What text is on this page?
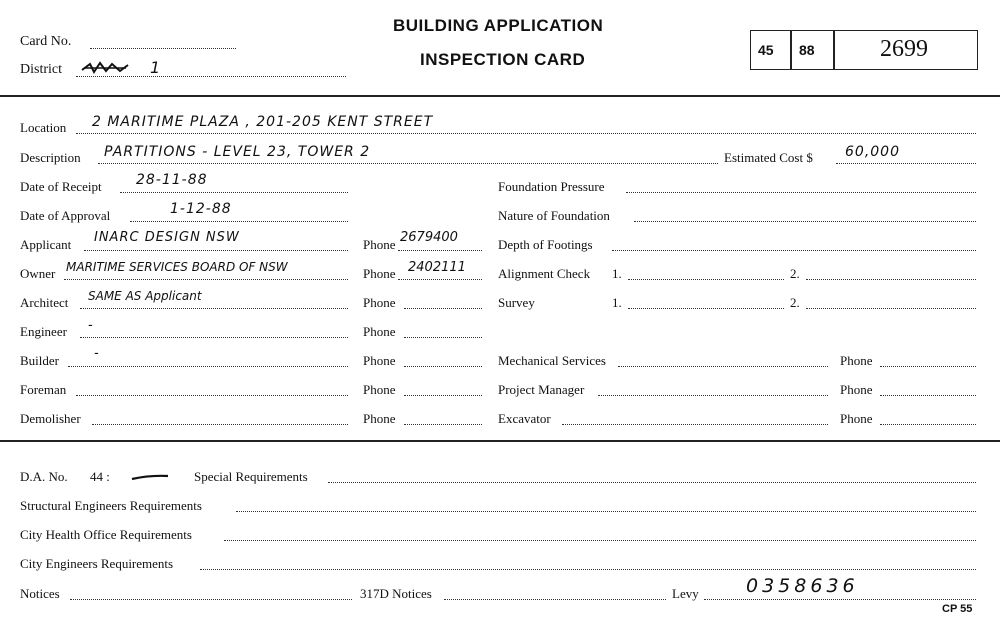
Card No.
District	1
BUILDING APPLICATION
INSPECTION CARD	45 88	2699
Location 2 MARITIME PLAZA , 201-205 KENT STREET
Description PARTITIONS - LEVEL 23, TOWER 2	Estimated Cost $ 60,000
Date of Receipt 28-11-88
Date of Approval	1-12-88
Applicant INARC DESIGN NSW	Phone 2679400
Owner MARITIME SERVICES BOARD OF NSW	Phone 2402111
Architect SAME AS Applicant	Phone
Engineer -	Phone
Builder	-	Phone
Foreman	Phone
Demolisher	Phone
Foundation Pressure
Nature of Foundation
Depth of Footings
Alignment Check 1.	2.
Survey	1.	2.
Mechanical Services	Phone
Project Manager	Phone
Excavator	Phone
D.A. No. 44 :	Special Requirements
Structural Engineers Requirements
City Health Office Requirements
City Engineers Requirements
Notices	317D Notices	Levy 0358636
CP 55
